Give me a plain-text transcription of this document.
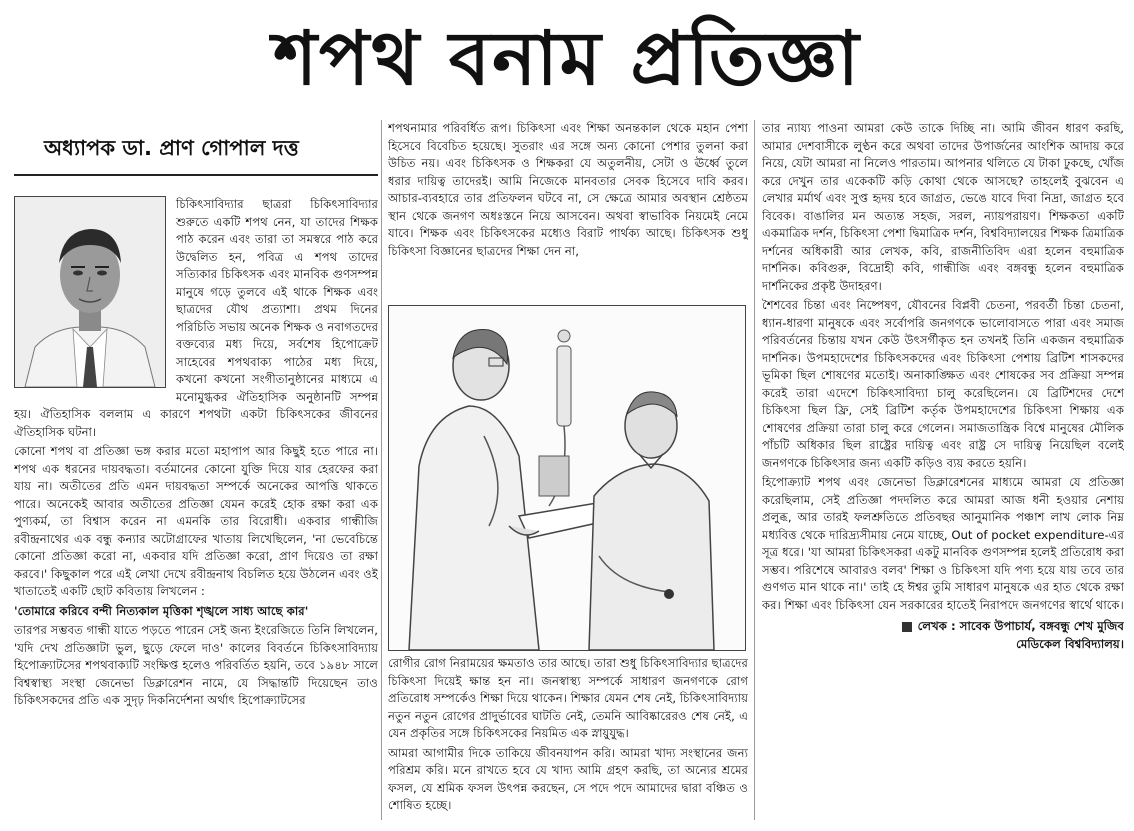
শপথ বনাম প্রতিজ্ঞা
অধ্যাপক ডা. প্রাণ গোপাল দত্ত

চিকিৎসাবিদ্যার ছাত্ররা চিকিৎসাবিদ্যার শুরুতে একটি শপথ নেন, যা তাদের শিক্ষক পাঠ করেন এবং তারা তা সমস্বরে পাঠ করে উদ্বেলিত হন, পবিত্র এ শপথ তাদের সত্যিকার চিকিৎসক এবং মানবিক গুণসম্পন্ন মানুষে গড়ে তুলবে এই থাকে শিক্ষক এবং ছাত্রদের যৌথ প্রত্যাশা। প্রথম দিনের পরিচিতি সভায় অনেক শিক্ষক ও নবাগতদের বক্তব্যের মধ্য দিয়ে, সর্বশেষ হিপোক্রেট সাহেবের শপথবাক্য পাঠের মধ্য দিয়ে, কখনো কখনো সংগীতানুষ্ঠানের মাধ্যমে এ মনোমুগ্ধকর ঐতিহাসিক অনুষ্ঠানটি সম্পন্ন হয়। ঐতিহাসিক বললাম এ কারণে শপথটা একটা চিকিৎসকের জীবনের ঐতিহাসিক ঘটনা।

কোনো শপথ বা প্রতিজ্ঞা ভঙ্গ করার মতো মহাপাপ আর কিছুই হতে পারে না। শপথ এক ধরনের দায়বদ্ধতা। বর্তমানের কোনো যুক্তি দিয়ে যার হেরফের করা যায় না। অতীতের প্রতি এমন দায়বদ্ধতা সম্পর্কে অনেকের আপত্তি থাকতে পারে। অনেকেই আবার অতীতের প্রতিজ্ঞা যেমন করেই হোক রক্ষা করা এক পুণ্যকর্ম, তা বিশ্বাস করেন না এমনকি তার বিরোধী। একবার গান্ধীজি রবীন্দ্রনাথের এক বন্ধু কন্যার অটোগ্রাফের খাতায় লিখেছিলেন, 'না ভেবেচিন্তে কোনো প্রতিজ্ঞা করো না, একবার যদি প্রতিজ্ঞা করো, প্রাণ দিয়েও তা রক্ষা করবে।' কিছুকাল পরে এই লেখা দেখে রবীন্দ্রনাথ বিচলিত হয়ে উঠলেন এবং ওই খাতাতেই একটি ছোট কবিতায় লিখলেন :

'তোমারে করিবে বন্দী নিত্যকাল মৃত্তিকা শৃঙ্খলে সাধ্য আছে কার'

তারপর সম্ভবত গান্ধী যাতে পড়তে পারেন সেই জন্য ইংরেজিতে তিনি লিখলেন, 'যদি দেখ প্রতিজ্ঞাটা ভুল, ছুড়ে ফেলে দাও' কালের বিবর্তনে চিকিৎসাবিদ্যায় হিপোক্র্যাটসের শপথবাক্যটি সংক্ষিপ্ত হলেও পরিবর্তিত হয়নি, তবে ১৯৪৮ সালে বিশ্বস্বাস্থ্য সংস্থা জেনেভা ডিক্লারেশন নামে, যে সিদ্ধান্তটি দিয়েছেন তাও চিকিৎসকদের প্রতি এক সুদৃঢ় দিকনির্দেশনা অর্থাৎ হিপোক্র্যাটসের

শপথনামার পরিবর্ধিত রূপ। চিকিৎসা এবং শিক্ষা অনন্তকাল থেকে মহান পেশা হিসেবে বিবেচিত হয়েছে। সুতরাং এর সঙ্গে অন্য কোনো পেশার তুলনা করা উচিত নয়। এবং চিকিৎসক ও শিক্ষকরা যে অতুলনীয়, সেটা ও ঊর্ধ্বে তুলে ধরার দায়িত্ব তাদেরই। আমি নিজেকে মানবতার সেবক হিসেবে দাবি করব। আচার-ব্যবহারে তার প্রতিফলন ঘটবে না, সে ক্ষেত্রে আমার অবস্থান শ্রেষ্ঠতম স্থান থেকে জনগণ অধঃস্তনে নিয়ে আসবেন। অথবা স্বাভাবিক নিয়মেই নেমে যাবে। শিক্ষক এবং চিকিৎসকের মধ্যেও বিরাট পার্থক্য আছে। চিকিৎসক শুধু চিকিৎসা বিজ্ঞানের ছাত্রদের শিক্ষা দেন না,

রোগীর রোগ নিরাময়ের ক্ষমতাও তার আছে। তারা শুধু চিকিৎসাবিদ্যার ছাত্রদের চিকিৎসা দিয়েই ক্ষান্ত হন না। জনস্বাস্থ্য সম্পর্কে সাধারণ জনগণকে রোগ প্রতিরোধ সম্পর্কেও শিক্ষা দিয়ে থাকেন। শিক্ষার যেমন শেষ নেই, চিকিৎসাবিদ্যায় নতুন নতুন রোগের প্রাদুর্ভাবের ঘাটতি নেই, তেমনি আবিষ্কারেরও শেষ নেই, এ যেন প্রকৃতির সঙ্গে চিকিৎসকের নিয়মিত এক স্নায়ুযুদ্ধ।

আমরা আগামীর দিকে তাকিয়ে জীবনযাপন করি। আমরা খাদ্য সংস্থানের জন্য পরিশ্রম করি। মনে রাখতে হবে যে খাদ্য আমি গ্রহণ করছি, তা অন্যের শ্রমের ফসল, যে শ্রমিক ফসল উৎপন্ন করছেন, সে পদে পদে আমাদের দ্বারা বঞ্চিত ও শোষিত হচ্ছে।

তার ন্যায্য পাওনা আমরা কেউ তাকে দিচ্ছি না। আমি জীবন ধারণ করছি, আমার দেশবাসীকে লুণ্ঠন করে অথবা তাদের উপার্জনের আংশিক আদায় করে নিয়ে, যেটা আমরা না নিলেও পারতাম। আপনার থলিতে যে টাকা ঢুকছে, খোঁজ করে দেখুন তার একেকটি কড়ি কোথা থেকে আসছে? তাহলেই বুঝবেন এ লেখার মর্মার্থ এবং সুপ্ত হৃদয় হবে জাগ্রত, ভেঙে যাবে দিবা নিদ্রা, জাগ্রত হবে বিবেক। বাঙালির মন অত্যন্ত সহজ, সরল, ন্যায়পরায়ণ। শিক্ষকতা একটি একমাত্রিক দর্শন, চিকিৎসা পেশা দ্বিমাত্রিক দর্শন, বিশ্ববিদ্যালয়ের শিক্ষক ত্রিমাত্রিক দর্শনের অধিকারী আর লেখক, কবি, রাজনীতিবিদ এরা হলেন বহুমাত্রিক দার্শনিক। কবিগুরু, বিদ্রোহী কবি, গান্ধীজি এবং বঙ্গবন্ধু হলেন বহুমাত্রিক দার্শনিকের প্রকৃষ্ট উদাহরণ।

শৈশবের চিন্তা এবং নিষ্পেষণ, যৌবনের বিপ্লবী চেতনা, পরবর্তী চিন্তা চেতনা, ধ্যান-ধারণা মানুষকে এবং সর্বোপরি জনগণকে ভালোবাসতে পারা এবং সমাজ পরিবর্তনের চিন্তায় যখন কেউ উৎসর্গীকৃত হন তখনই তিনি একজন বহুমাত্রিক দার্শনিক। উপমহাদেশের চিকিৎসকদের এবং চিকিৎসা পেশায় ব্রিটিশ শাসকদের ভূমিকা ছিল শোষণের মতোই। অনাকাঙ্ক্ষিত এবং শোষকের সব প্রক্রিয়া সম্পন্ন করেই তারা এদেশে চিকিৎসাবিদ্যা চালু করেছিলেন। যে ব্রিটিশদের দেশে চিকিৎসা ছিল ফ্রি, সেই ব্রিটিশ কর্তৃক উপমহাদেশের চিকিৎসা শিক্ষায় এক শোষণের প্রক্রিয়া তারা চালু করে গেলেন। সমাজতান্ত্রিক বিশ্বে মানুষের মৌলিক পাঁচটি অধিকার ছিল রাষ্ট্রের দায়িত্ব এবং রাষ্ট্র সে দায়িত্ব নিয়েছিল বলেই জনগণকে চিকিৎসার জন্য একটি কড়িও ব্যয় করতে হয়নি।

হিপোক্র্যাট শপথ এবং জেনেভা ডিক্লারেশনের মাধ্যমে আমরা যে প্রতিজ্ঞা করেছিলাম, সেই প্রতিজ্ঞা পদদলিত করে আমরা আজ ধনী হওয়ার নেশায় প্রলুব্ধ, আর তারই ফলশ্রুতিতে প্রতিবছর আনুমানিক পঞ্চাশ লাখ লোক নিম্ন মধ্যবিত্ত থেকে দারিদ্র্যসীমায় নেমে যাচ্ছে, Out of pocket expenditure-এর সূত্র ধরে। 'যা আমরা চিকিৎসকরা একটু মানবিক গুণসম্পন্ন হলেই প্রতিরোধ করা সম্ভব। পরিশেষে আবারও বলব' শিক্ষা ও চিকিৎসা যদি পণ্য হয়ে যায় তবে তার গুণগত মান থাকে না।' তাই হে ঈশ্বর তুমি সাধারণ মানুষকে এর হাত থেকে রক্ষা কর। শিক্ষা এবং চিকিৎসা যেন সরকারের হাতেই নিরাপদে জনগণের স্বার্থে থাকে।

লেখক : সাবেক উপাচার্য, বঙ্গবন্ধু শেখ মুজিব
মেডিকেল বিশ্ববিদ্যালয়।
